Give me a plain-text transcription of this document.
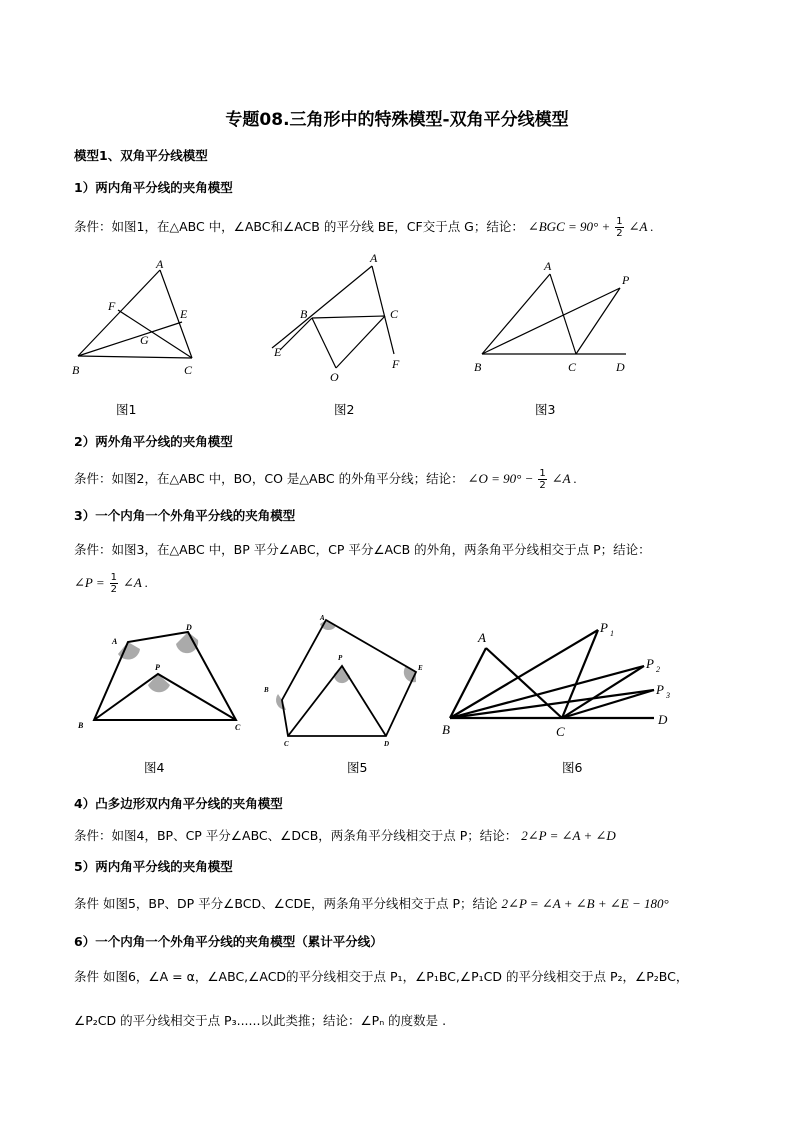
专题08.三角形中的特殊模型-双角平分线模型
模型1、双角平分线模型
1）两内角平分线的夹角模型
条件：如图1，在△ABC 中，∠ABC和∠ACB 的平分线 BE，CF交于点 G；结论： ∠BGC = $90^\circ + \frac{1}{2}$ ∠A .
A
F
E
G
B	C
A
B	C
E
O
F
A
P
B	C	D
图1	图2	图3
2）两外角平分线的夹角模型
条件：如图2，在△ABC 中，BO，CO 是△ABC 的外角平分线；结论： ∠O = $90^\circ - \frac{1}{2}$ ∠A .
3）一个内角一个外角平分线的夹角模型
条件：如图3，在△ABC 中，BP 平分∠ABC，CP 平分∠ACB 的外角，两条角平分线相交于点 P；结论：
∠P = $\frac{1}{2}$ ∠A .
A
D
P
B	C
A
P
E
B
C	D
A
P 1
P 2
P 3
B	C
D
图4	图5	图6
4）凸多边形双内角平分线的夹角模型
条件：如图4，BP、CP 平分∠ABC、∠DCB，两条角平分线相交于点 P；结论： 2∠P = ∠A + ∠D
5）两内角平分线的夹角模型
条件 如图5，BP、DP 平分∠BCD、∠CDE，两条角平分线相交于点 P；结论 2∠P = ∠A + ∠B + ∠E − 180°
6）一个内角一个外角平分线的夹角模型（累计平分线）
条件 如图6，∠A = α，∠ABC,∠ACD的平分线相交于点 P₁，∠P₁BC,∠P₁CD 的平分线相交于点 P₂，∠P₂BC，
∠P₂CD 的平分线相交于点 P₃......以此类推；结论：∠Pₙ 的度数是 .
